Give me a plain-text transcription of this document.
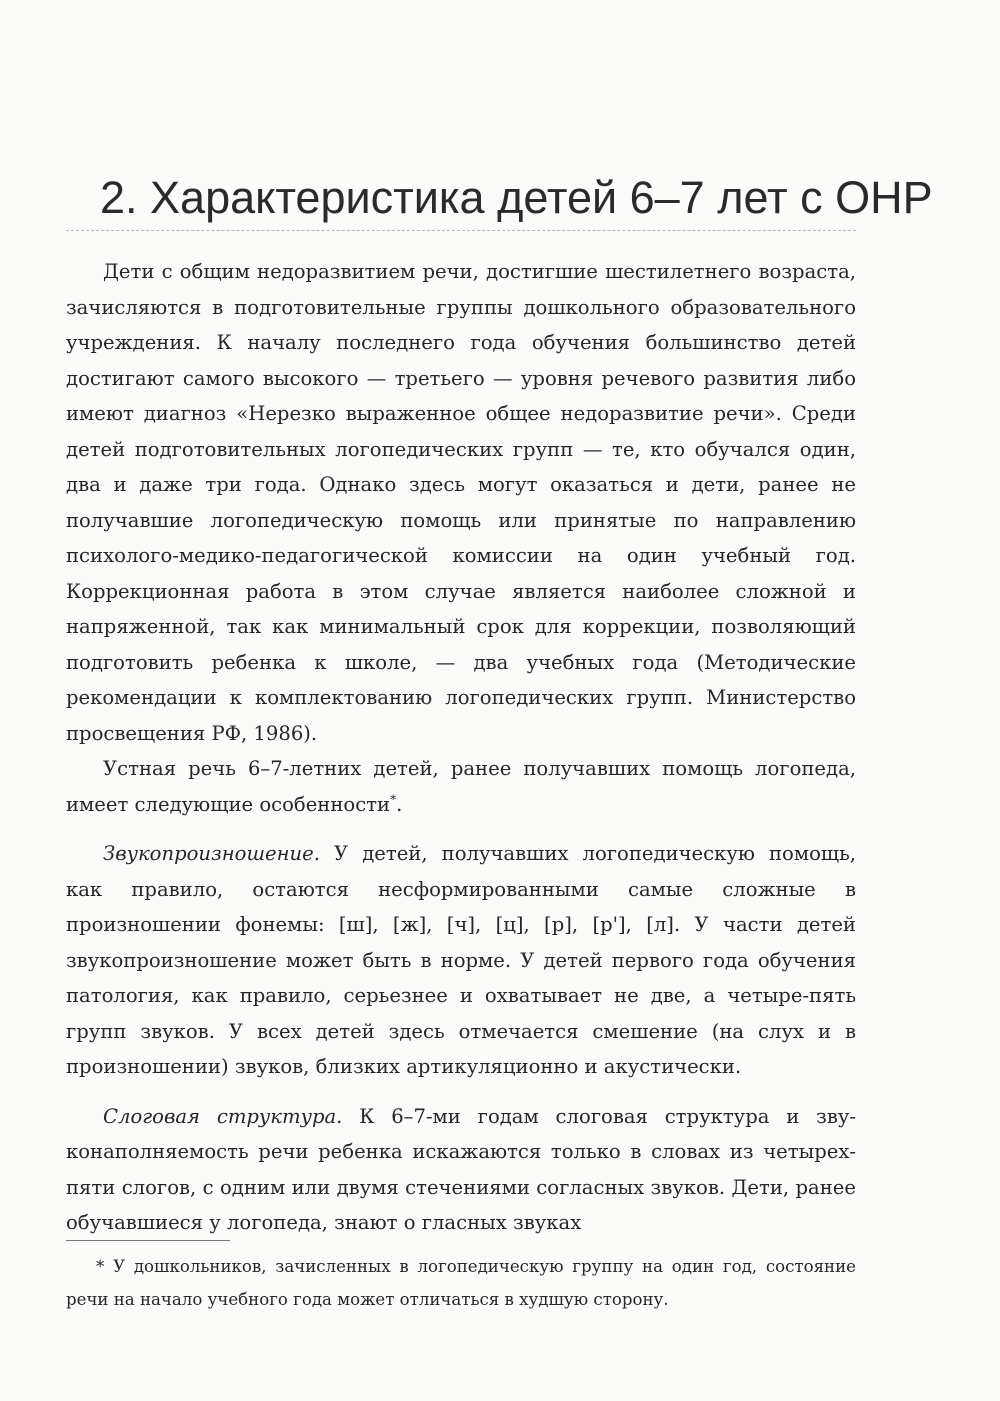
2. Характеристика детей 6–7 лет с ОНР

Дети с общим недоразвитием речи, достигшие шестилетнего возраста, зачисляются в подготовительные группы дошкольного образовательного учреждения. К началу последнего года обучения большинство детей достигают самого высокого — третьего — уровня речевого развития либо имеют диагноз «Нерезко выраженное общее недоразвитие речи». Среди детей подготовительных логопедических групп — те, кто обучался один, два и даже три года. Однако здесь могут оказаться и дети, ранее не получавшие логопедическую помощь или принятые по направлению психолого-медико-педагогической комиссии на один учебный год. Коррекционная работа в этом случае является наиболее сложной и напряженной, так как минимальный срок для коррекции, позволяющий подготовить ребенка к школе, — два учебных года (Методические рекомендации к комплектованию логопедических групп. Министерство просвещения РФ, 1986).

Устная речь 6–7-летних детей, ранее получавших помощь логопеда, имеет следующие особенности*.

Звукопроизношение. У детей, получавших логопедическую помощь, как правило, остаются несформированными самые сложные в произношении фонемы: [ш], [ж], [ч], [ц], [р], [р'], [л]. У части детей звукопроизношение может быть в норме. У детей первого года обучения патология, как правило, серьезнее и охватывает не две, а четыре-пять групп звуков. У всех детей здесь отмечается смешение (на слух и в произношении) звуков, близких артикуляционно и акустически.

Слоговая структура. К 6–7-ми годам слоговая структура и звуконаполняемость речи ребенка искажаются только в словах из четырех-пяти слогов, с одним или двумя стечениями согласных звуков. Дети, ранее обучавшиеся у логопеда, знают о гласных звуках

* У дошкольников, зачисленных в логопедическую группу на один год, состояние речи на начало учебного года может отличаться в худшую сторону.
